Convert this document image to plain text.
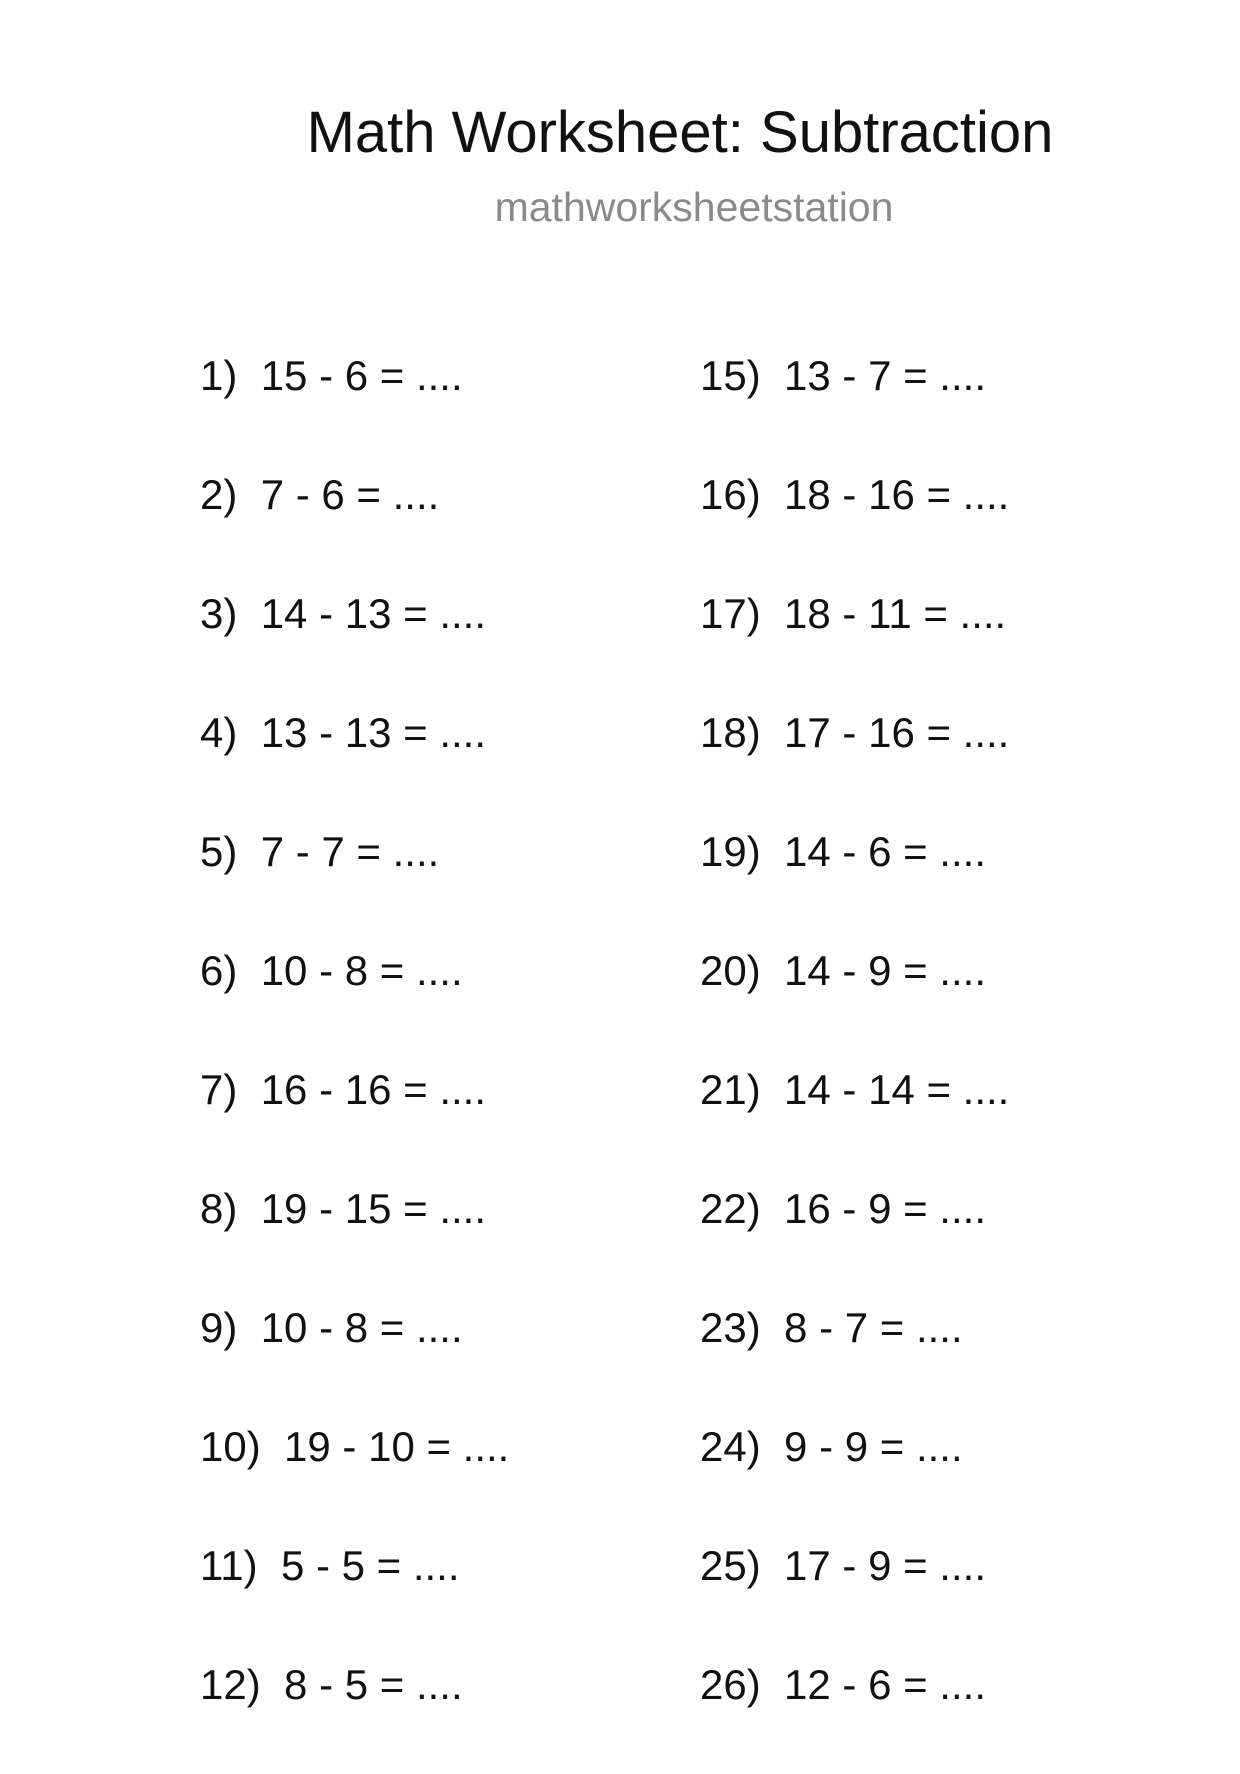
Math Worksheet: Subtraction
mathworksheetstation
1) 15 - 6 = ....
2) 7 - 6 = ....
3) 14 - 13 = ....
4) 13 - 13 = ....
5) 7 - 7 = ....
6) 10 - 8 = ....
7) 16 - 16 = ....
8) 19 - 15 = ....
9) 10 - 8 = ....
10) 19 - 10 = ....
11) 5 - 5 = ....
12) 8 - 5 = ....
15) 13 - 7 = ....
16) 18 - 16 = ....
17) 18 - 11 = ....
18) 17 - 16 = ....
19) 14 - 6 = ....
20) 14 - 9 = ....
21) 14 - 14 = ....
22) 16 - 9 = ....
23) 8 - 7 = ....
24) 9 - 9 = ....
25) 17 - 9 = ....
26) 12 - 6 = ....
